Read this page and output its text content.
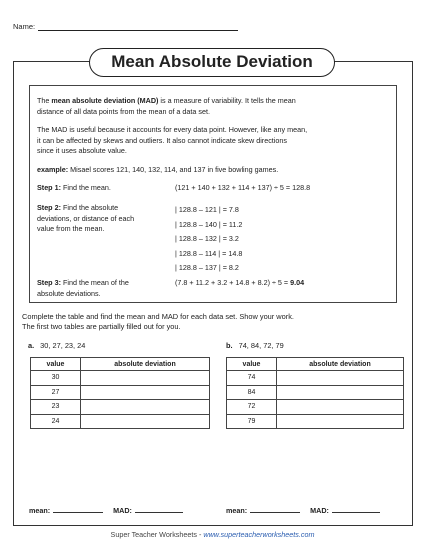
Name:
Mean Absolute Deviation
The mean absolute deviation (MAD) is a measure of variability. It tells the mean
distance of all data points from the mean of a data set.
The MAD is useful because it accounts for every data point. However, like any mean,
it can be affected by skews and outliers. It also cannot indicate skew directions
since it uses absolute value.
example: Misael scores 121, 140, 132, 114, and 137 in five bowling games.
Step 1: Find the mean.	(121 + 140 + 132 + 114 + 137) ÷ 5 = 128.8
Step 2: Find the absolute
deviations, or distance of each
value from the mean.
| 128.8 – 121 | = 7.8
| 128.8 – 140 | = 11.2
| 128.8 – 132 | = 3.2
| 128.8 – 114 | = 14.8
| 128.8 – 137 | = 8.2
Step 3: Find the mean of the
absolute deviations.
(7.8 + 11.2 + 3.2 + 14.8 + 8.2) ÷ 5 = 9.04
Complete the table and find the mean and MAD for each data set. Show your work.
The first two tables are partially filled out for you.
a. 30, 27, 23, 24
value	absolute deviation
30	
27	
23	
24	
b. 74, 84, 72, 79
value	absolute deviation
74	
84	
72	
79	
mean:	MAD:	mean:	MAD:
Super Teacher Worksheets - www.superteacherworksheets.com
